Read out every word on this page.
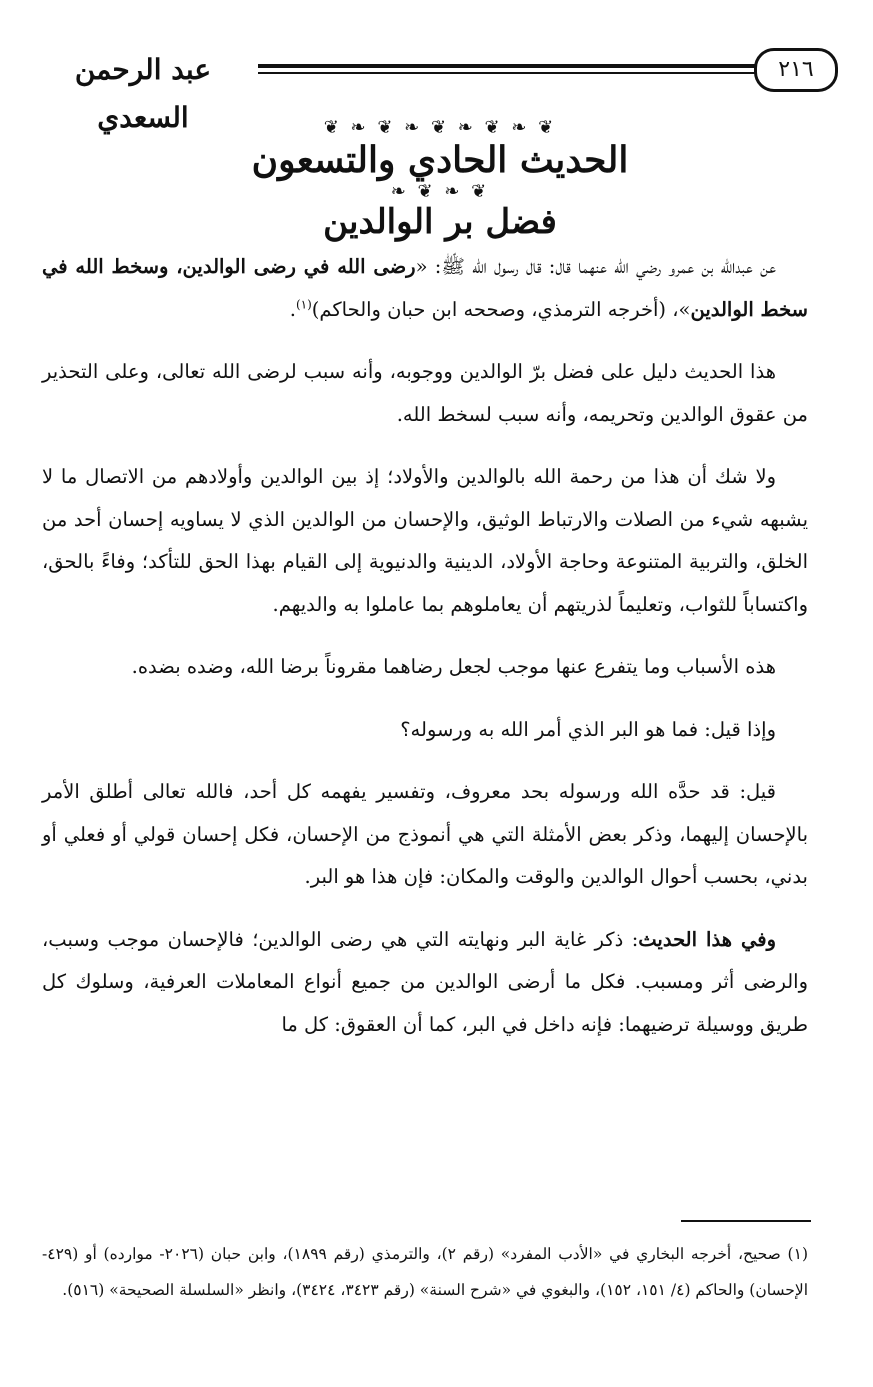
عبد الرحمن السعدي
٢١٦
❦ ❧ ❦ ❧ ❦ ❧ ❦ ❧ ❦
الحديث الحادي والتسعون
❦ ❧ ❦ ❧
فضل بر الوالدين

عن عبدالله بن عمرو رضي الله عنهما قال: قال رسول الله ﷺ: «رضى الله في رضى الوالدين، وسخط الله في سخط الوالدين»، (أخرجه الترمذي، وصححه ابن حبان والحاكم)$^{(١)}$.

هذا الحديث دليل على فضل برّ الوالدين ووجوبه، وأنه سبب لرضى الله تعالى، وعلى التحذير من عقوق الوالدين وتحريمه، وأنه سبب لسخط الله.

ولا شك أن هذا من رحمة الله بالوالدين والأولاد؛ إذ بين الوالدين وأولادهم من الاتصال ما لا يشبهه شيء من الصلات والارتباط الوثيق، والإحسان من الوالدين الذي لا يساويه إحسان أحد من الخلق، والتربية المتنوعة وحاجة الأولاد، الدينية والدنيوية إلى القيام بهذا الحق للتأكد؛ وفاءً بالحق، واكتساباً للثواب، وتعليماً لذريتهم أن يعاملوهم بما عاملوا به والديهم.

هذه الأسباب وما يتفرع عنها موجب لجعل رضاهما مقروناً برضا الله، وضده بضده.

وإذا قيل: فما هو البر الذي أمر الله به ورسوله؟

قيل: قد حدَّه الله ورسوله بحد معروف، وتفسير يفهمه كل أحد، فالله تعالى أطلق الأمر بالإحسان إليهما، وذكر بعض الأمثلة التي هي أنموذج من الإحسان، فكل إحسان قولي أو فعلي أو بدني، بحسب أحوال الوالدين والوقت والمكان: فإن هذا هو البر.

وفي هذا الحديث: ذكر غاية البر ونهايته التي هي رضى الوالدين؛ فالإحسان موجب وسبب، والرضى أثر ومسبب. فكل ما أرضى الوالدين من جميع أنواع المعاملات العرفية، وسلوك كل طريق ووسيلة ترضيهما: فإنه داخل في البر، كما أن العقوق: كل ما

(١) صحيح، أخرجه البخاري في «الأدب المفرد» (رقم ٢)، والترمذي (رقم ١٨٩٩)، وابن حبان (٢٠٢٦- موارده) أو (٤٢٩-الإحسان) والحاكم (٤/ ١٥١، ١٥٢)، والبغوي في «شرح السنة» (رقم ٣٤٢٣، ٣٤٢٤)، وانظر «السلسلة الصحيحة» (٥١٦).
